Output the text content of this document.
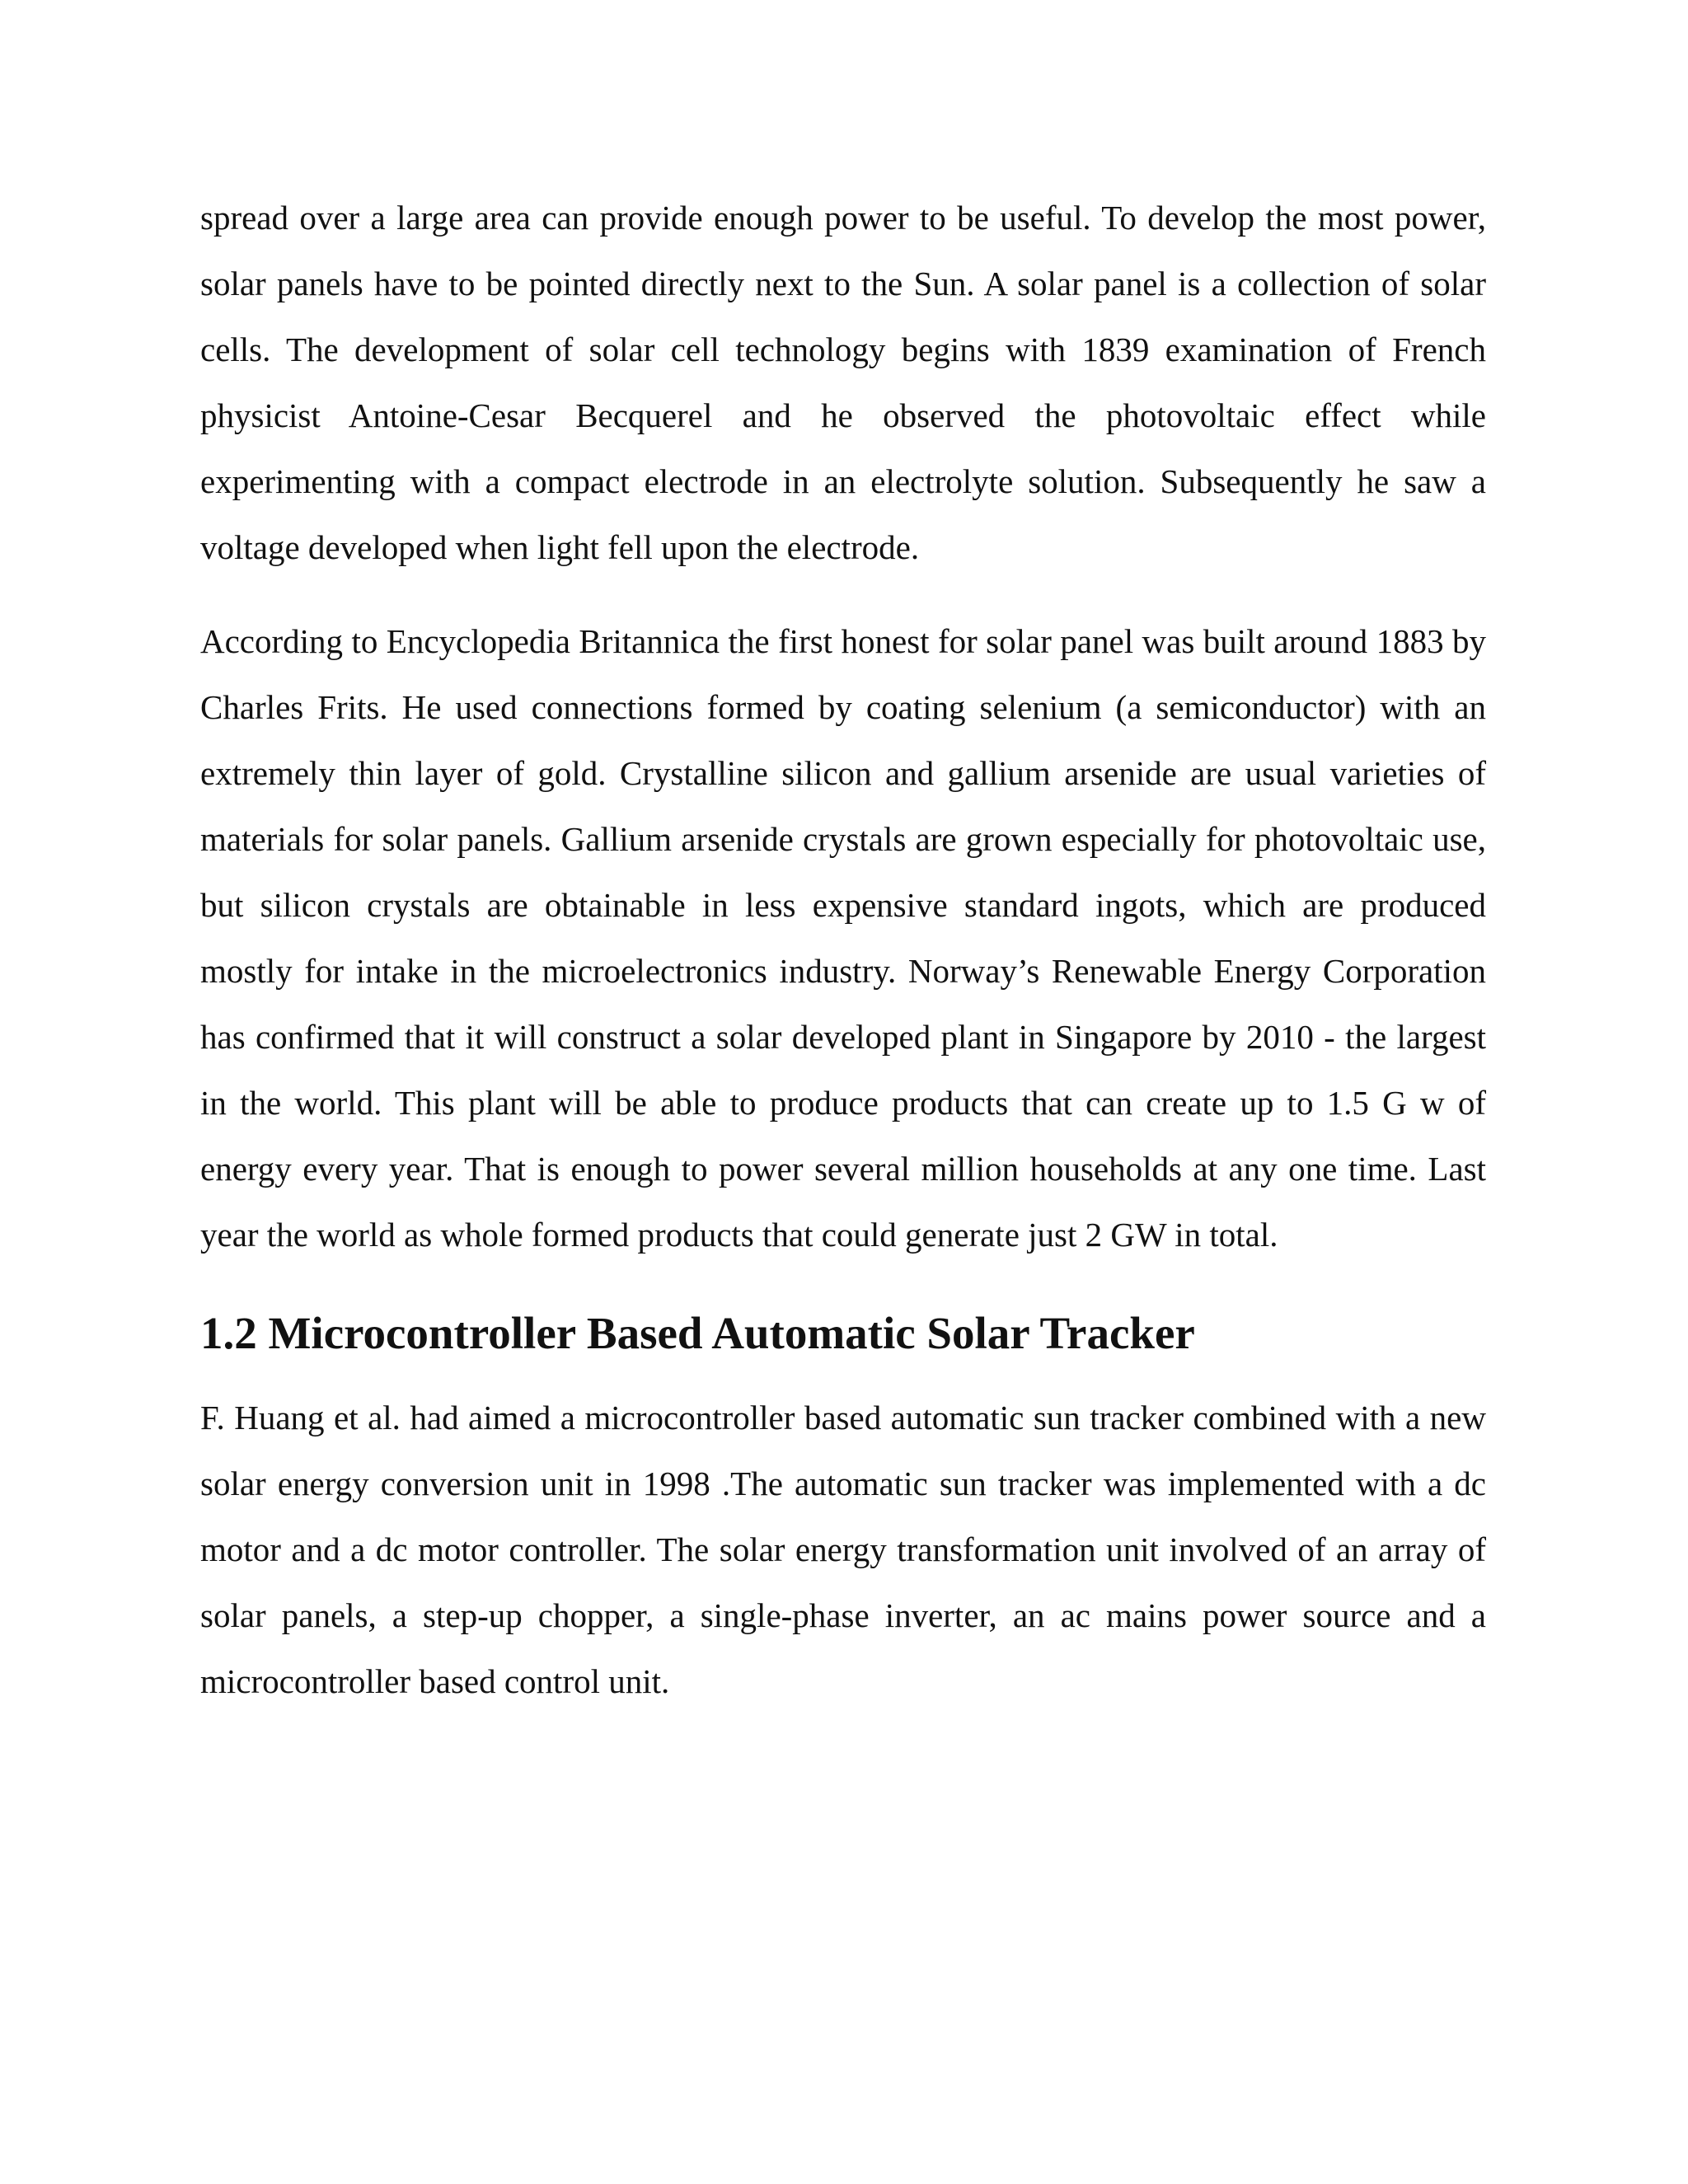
spread over a large area can provide enough power to be useful. To develop the most power, solar panels have to be pointed directly next to the Sun. A solar panel is a collection of solar cells. The development of solar cell technology begins with 1839 examination of French physicist Antoine-Cesar Becquerel and he observed the photovoltaic effect while experimenting with a compact electrode in an electrolyte solution. Subsequently he saw a voltage developed when light fell upon the electrode.

According to Encyclopedia Britannica the first honest for solar panel was built around 1883 by Charles Frits. He used connections formed by coating selenium (a semiconductor) with an extremely thin layer of gold. Crystalline silicon and gallium arsenide are usual varieties of materials for solar panels. Gallium arsenide crystals are grown especially for photovoltaic use, but silicon crystals are obtainable in less expensive standard ingots, which are produced mostly for intake in the microelectronics industry. Norway’s Renewable Energy Corporation has confirmed that it will construct a solar developed plant in Singapore by 2010 - the largest in the world. This plant will be able to produce products that can create up to 1.5 G w of energy every year. That is enough to power several million households at any one time. Last year the world as whole formed products that could generate just 2 GW in total.

1.2 Microcontroller Based Automatic Solar Tracker

F. Huang et al. had aimed a microcontroller based automatic sun tracker combined with a new solar energy conversion unit in 1998 .The automatic sun tracker was implemented with a dc motor and a dc motor controller. The solar energy transformation unit involved of an array of solar panels, a step-up chopper, a single-phase inverter, an ac mains power source and a microcontroller based control unit.
